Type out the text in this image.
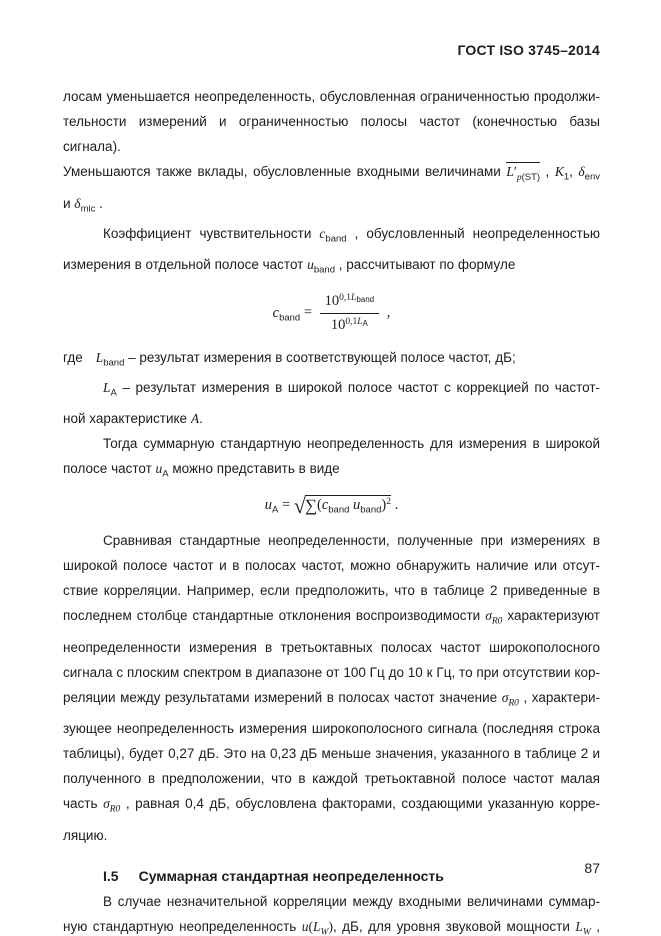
ГОСТ ISO 3745–2014
лосам уменьшается неопределенность, обусловленная ограниченностью продолжи-
тельности измерений и ограниченностью полосы частот (конечностью базы сигнала).
Уменьшаются также вклады, обусловленные входными величинами $L'_{p(ST)}$ , $K_1$, $\delta_{env}$
и $\delta_{mic}$ .
Коэффициент чувствительности $c_{band}$ , обусловленный неопределенностью
измерения в отдельной полосе частот $u_{band}$ , рассчитывают по формуле
$c_{band} = \frac{10^{0,1L_{band}}}{10^{0,1L_A}}$ ,
где $L_{band}$ – результат измерения в соответствующей полосе частот, дБ;
$L_A$ – результат измерения в широкой полосе частот с коррекцией по частот-
ной характеристике A.
Тогда суммарную стандартную неопределенность для измерения в широкой
полосе частот $u_A$ можно представить в виде
$u_A = √\sum(c_{band}$ $u_{band})^2$ .
Сравнивая стандартные неопределенности, полученные при измерениях в
широкой полосе частот и в полосах частот, можно обнаружить наличие или отсут-
ствие корреляции. Например, если предположить, что в таблице 2 приведенные в
последнем столбце стандартные отклонения воспроизводимости $\sigma_{R0}$ характеризуют
неопределенности измерения в третьоктавных полосах частот широкополосного
сигнала с плоским спектром в диапазоне от 100 Гц до 10 к Гц, то при отсутствии кор-
реляции между результатами измерений в полосах частот значение $\sigma_{R0}$ , характери-
зующее неопределенность измерения широкополосного сигнала (последняя строка
таблицы), будет 0,27 дБ. Это на 0,23 дБ меньше значения, указанного в таблице 2 и
полученного в предположении, что в каждой третьоктавной полосе частот малая
часть $\sigma_{R0}$ , равная 0,4 дБ, обусловлена факторами, создающими указанную корре-
ляцию.
I.5 Суммарная стандартная неопределенность
В случае незначительной корреляции между входными величинами суммар-
ную стандартную неопределенность $u(L_W)$, дБ, для уровня звуковой мощности $L_W$ ,
87
